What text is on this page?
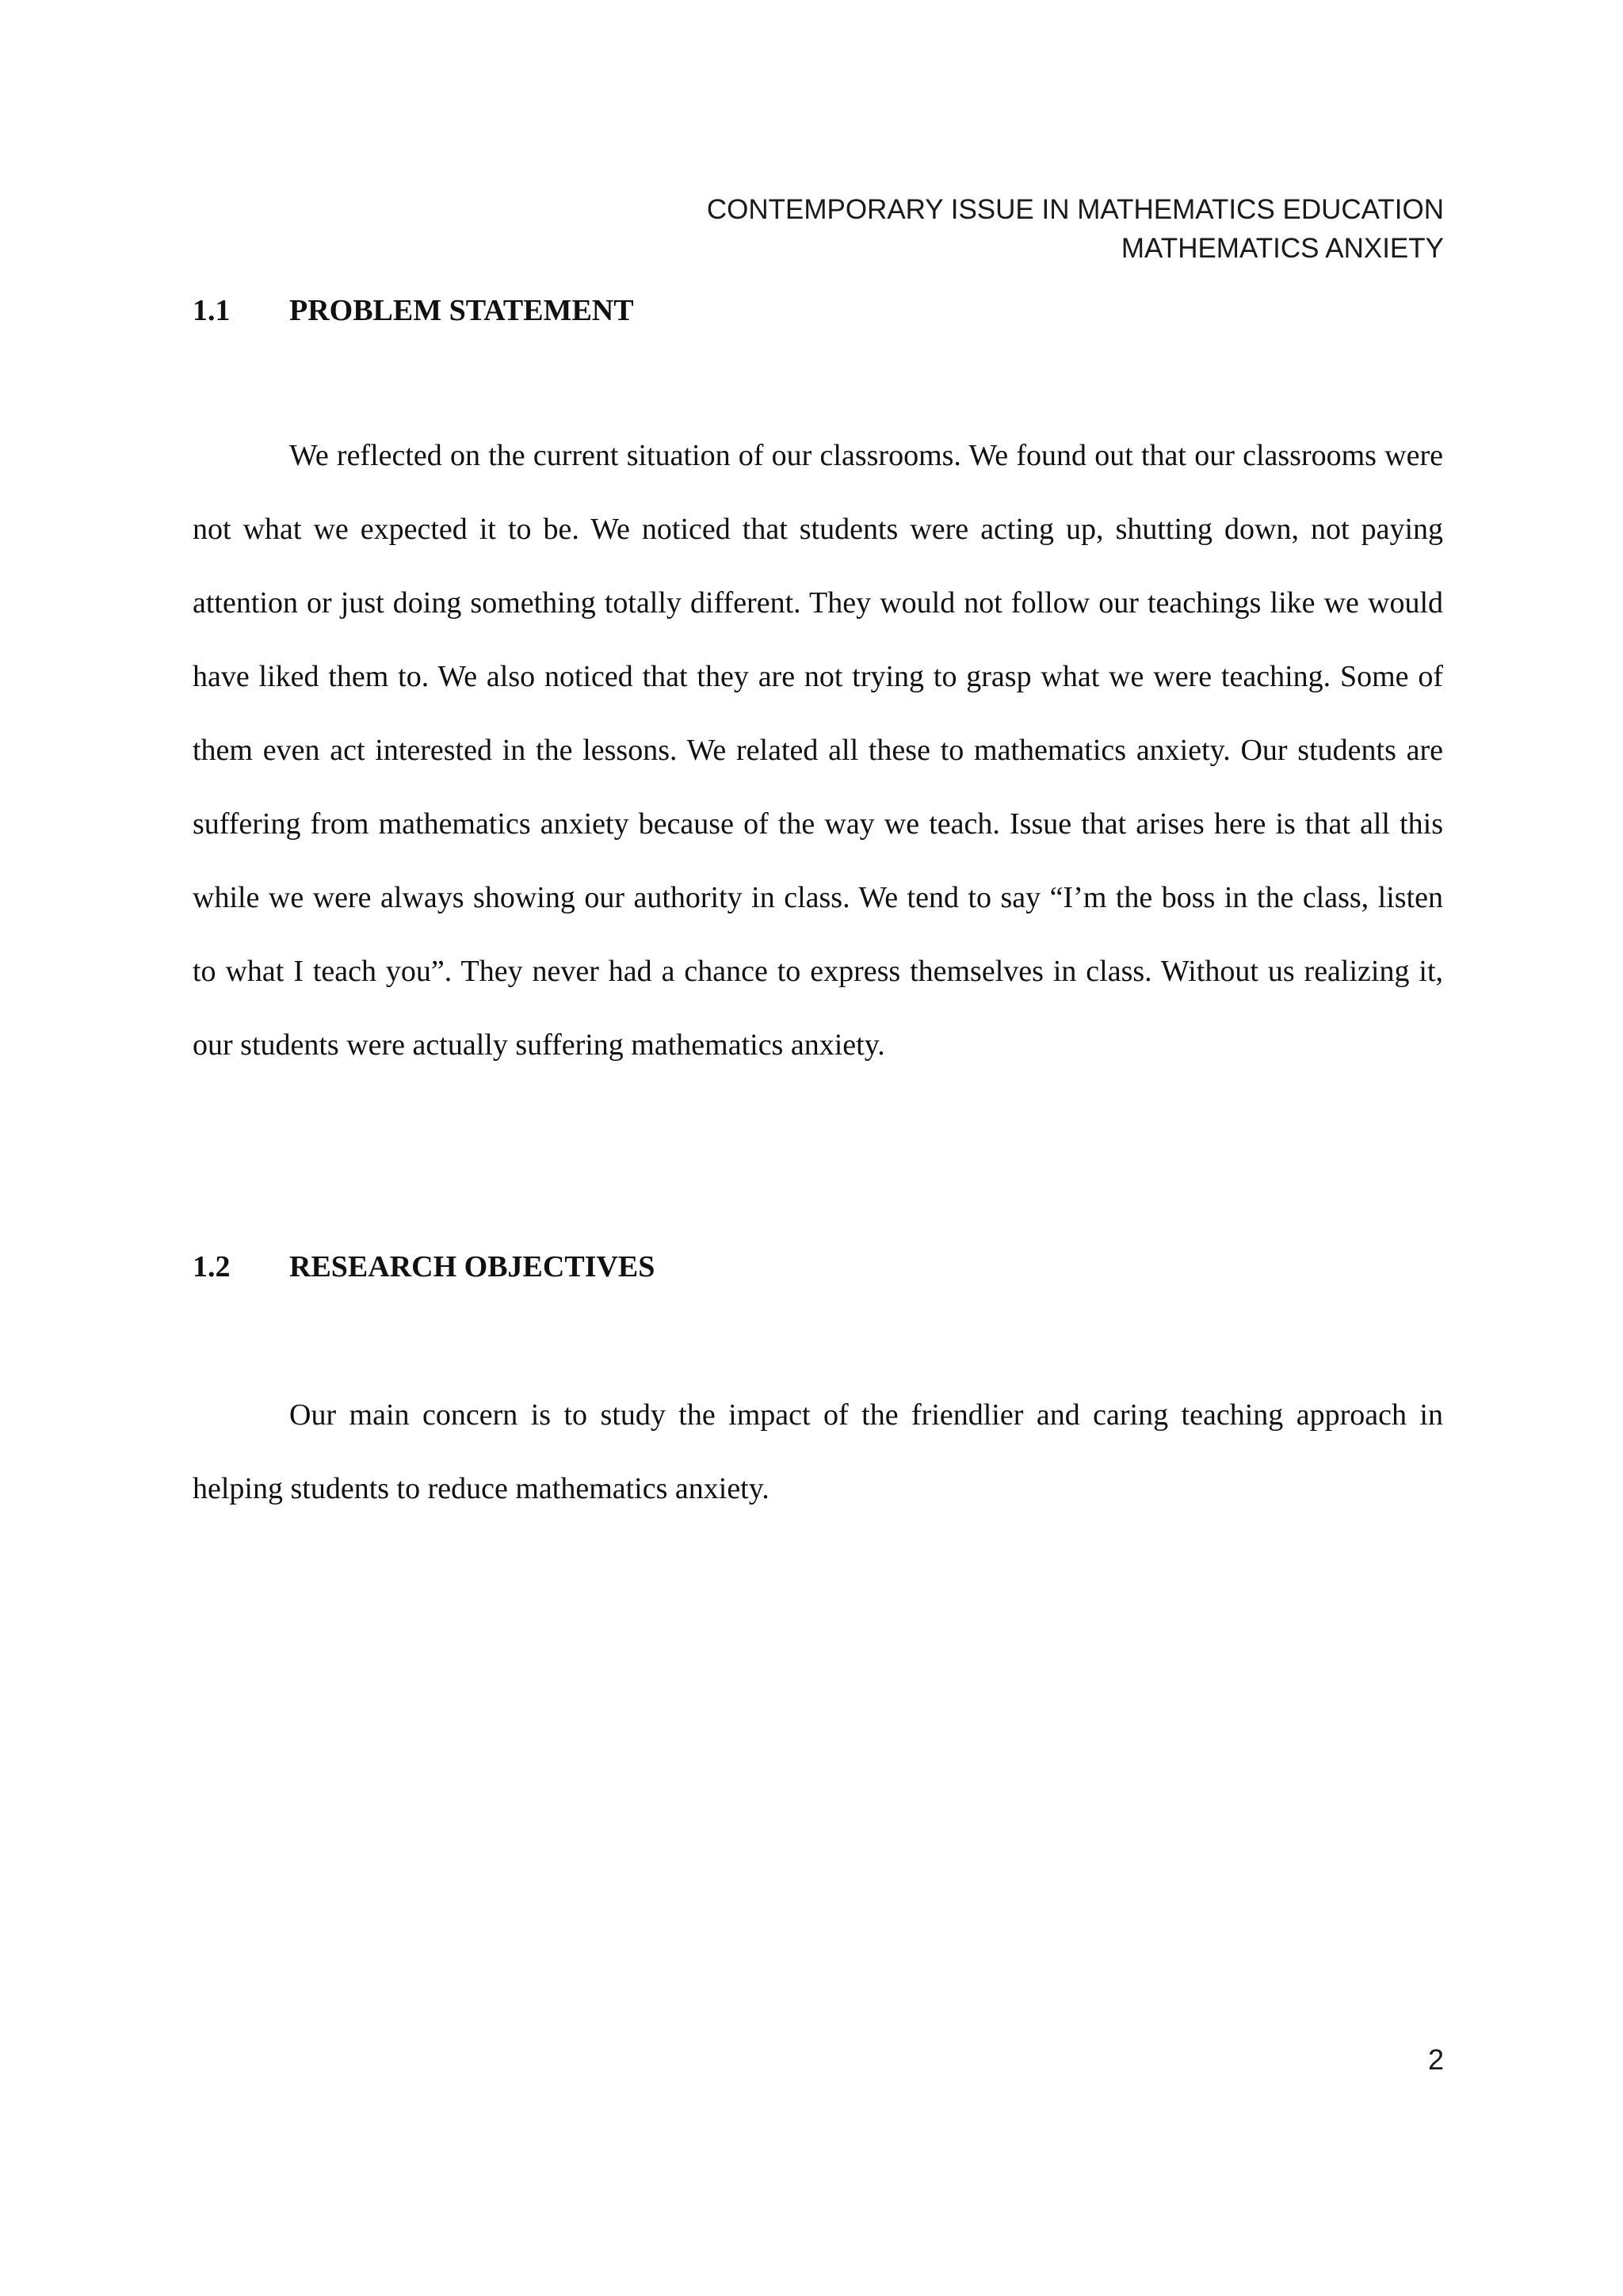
CONTEMPORARY ISSUE IN MATHEMATICS EDUCATION
MATHEMATICS ANXIETY
1.1 PROBLEM STATEMENT

We reflected on the current situation of our classrooms. We found out that our classrooms were not what we expected it to be. We noticed that students were acting up, shutting down, not paying attention or just doing something totally different. They would not follow our teachings like we would have liked them to. We also noticed that they are not trying to grasp what we were teaching. Some of them even act interested in the lessons. We related all these to mathematics anxiety. Our students are suffering from mathematics anxiety because of the way we teach. Issue that arises here is that all this while we were always showing our authority in class. We tend to say “I’m the boss in the class, listen to what I teach you”. They never had a chance to express themselves in class. Without us realizing it, our students were actually suffering mathematics anxiety.

1.2 RESEARCH OBJECTIVES

Our main concern is to study the impact of the friendlier and caring teaching approach in helping students to reduce mathematics anxiety.

2
